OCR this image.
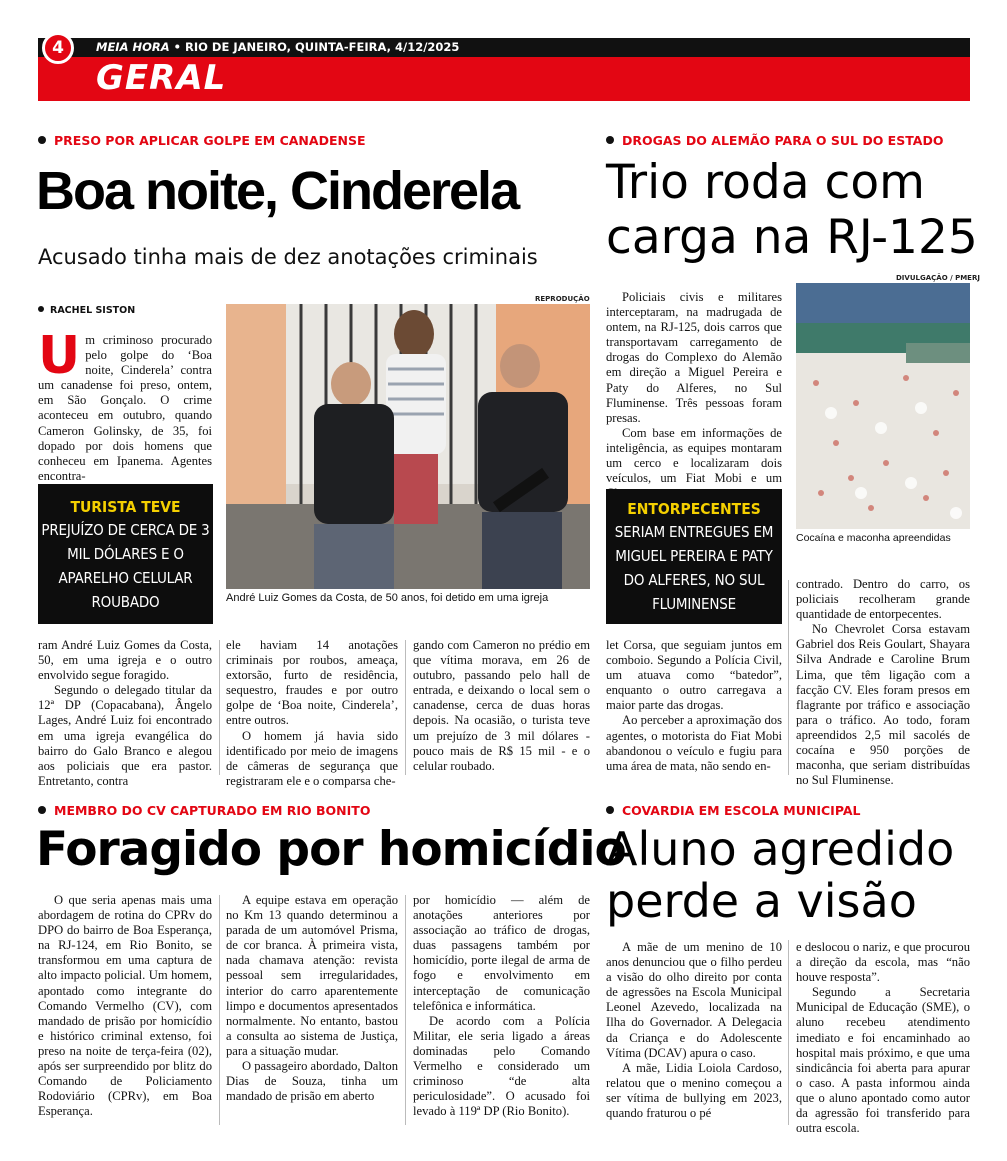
4	MEIA HORA • RIO DE JANEIRO, QUINTA-FEIRA, 4/12/2025
GERAL
PRESO POR APLICAR GOLPE EM CANADENSE
Boa noite, Cinderela
Acusado tinha mais de dez anotações criminais
RACHEL SISTON

Um criminoso procurado pelo golpe do ‘Boa noite, Cinderela’ contra um canadense foi preso, ontem, em São Gonçalo. O crime aconteceu em outubro, quando Cameron Golinsky, de 35, foi dopado por dois homens que conheceu em Ipanema. Agentes encontra-

TURISTA TEVE
PREJUÍZO DE CERCA DE 3 MIL DÓLARES E O APARELHO CELULAR ROUBADO
REPRODUÇÃO
André Luiz Gomes da Costa, de 50 anos, foi detido em uma igreja

ram André Luiz Gomes da Costa, 50, em uma igreja e o outro envolvido segue foragido.

Segundo o delegado titular da 12ª DP (Copacabana), Ângelo Lages, André Luiz foi encontrado em uma igreja evangélica do bairro do Galo Branco e alegou aos policiais que era pastor. Entretanto, contra

ele haviam 14 anotações criminais por roubos, ameaça, extorsão, furto de residência, sequestro, fraudes e por outro golpe de ‘Boa noite, Cinderela’, entre outros.

O homem já havia sido identificado por meio de imagens de câmeras de segurança que registraram ele e o comparsa che-

gando com Cameron no prédio em que vítima morava, em 26 de outubro, passando pelo hall de entrada, e deixando o local sem o canadense, cerca de duas horas depois. Na ocasião, o turista teve um prejuízo de 3 mil dólares - pouco mais de R$ 15 mil - e o celular roubado.

DROGAS DO ALEMÃO PARA O SUL DO ESTADO
Trio roda com
carga na RJ-125

Policiais civis e militares interceptaram, na madrugada de ontem, na RJ-125, dois carros que transportavam carregamento de drogas do Complexo do Alemão em direção a Miguel Pereira e Paty do Alferes, no Sul Fluminense. Três pessoas foram presas.

Com base em informações de inteligência, as equipes montaram um cerco e localizaram dois veículos, um Fiat Mobi e um

DIVULGAÇÃO / PMERJ
Cocaína e maconha apreendidas
ENTORPECENTES
SERIAM ENTREGUES EM MIGUEL PEREIRA E PATY DO ALFERES, NO SUL FLUMINENSE

let Corsa, que seguiam juntos em comboio. Segundo a Polícia Civil, um atuava como “batedor”, enquanto o outro carregava a maior parte das drogas.

Ao perceber a aproximação dos agentes, o motorista do Fiat Mobi abandonou o veículo e fugiu para uma área de mata, não sendo en-

contrado. Dentro do carro, os policiais recolheram grande quantidade de entorpecentes.

No Chevrolet Corsa estavam Gabriel dos Reis Goulart, Shayara Silva Andrade e Caroline Brum Lima, que têm ligação com a facção CV. Eles foram presos em flagrante por tráfico e associação para o tráfico. Ao todo, foram apreendidos 2,5 mil sacolés de cocaína e 950 porções de maconha, que seriam distribuídas no Sul Fluminense.

MEMBRO DO CV CAPTURADO EM RIO BONITO
Foragido por homicídio

O que seria apenas mais uma abordagem de rotina do CPRv do DPO do bairro de Boa Esperança, na RJ-124, em Rio Bonito, se transformou em uma captura de alto impacto policial. Um homem, apontado como integrante do Comando Vermelho (CV), com mandado de prisão por homicídio e histórico criminal extenso, foi preso na noite de terça-feira (02), após ser surpreendido por blitz do Comando de Policiamento Rodoviário (CPRv), em Boa Esperança.

A equipe estava em operação no Km 13 quando determinou a parada de um automóvel Prisma, de cor branca. À primeira vista, nada chamava atenção: revista pessoal sem irregularidades, interior do carro aparentemente limpo e documentos apresentados normalmente. No entanto, bastou a consulta ao sistema de Justiça, para a situação mudar.

O passageiro abordado, Dalton Dias de Souza, tinha um mandado de prisão em aberto

por homicídio — além de anotações anteriores por associação ao tráfico de drogas, duas passagens também por homicídio, porte ilegal de arma de fogo e envolvimento em interceptação de comunicação telefônica e informática.

De acordo com a Polícia Militar, ele seria ligado a áreas dominadas pelo Comando Vermelho e considerado um criminoso “de alta periculosidade”. O acusado foi levado à 119ª DP (Rio Bonito).

COVARDIA EM ESCOLA MUNICIPAL
Aluno agredido
perde a visão

A mãe de um menino de 10 anos denunciou que o filho perdeu a visão do olho direito por conta de agressões na Escola Municipal Leonel Azevedo, localizada na Ilha do Governador. A Delegacia da Criança e do Adolescente Vítima (DCAV) apura o caso.

A mãe, Lidia Loiola Cardoso, relatou que o menino começou a ser vítima de bullying em 2023, quando fraturou o pé

e deslocou o nariz, e que procurou a direção da escola, mas “não houve resposta”.

Segundo a Secretaria Municipal de Educação (SME), o aluno recebeu atendimento imediato e foi encaminhado ao hospital mais próximo, e que uma sindicância foi aberta para apurar o caso. A pasta informou ainda que o aluno apontado como autor da agressão foi transferido para outra escola.
